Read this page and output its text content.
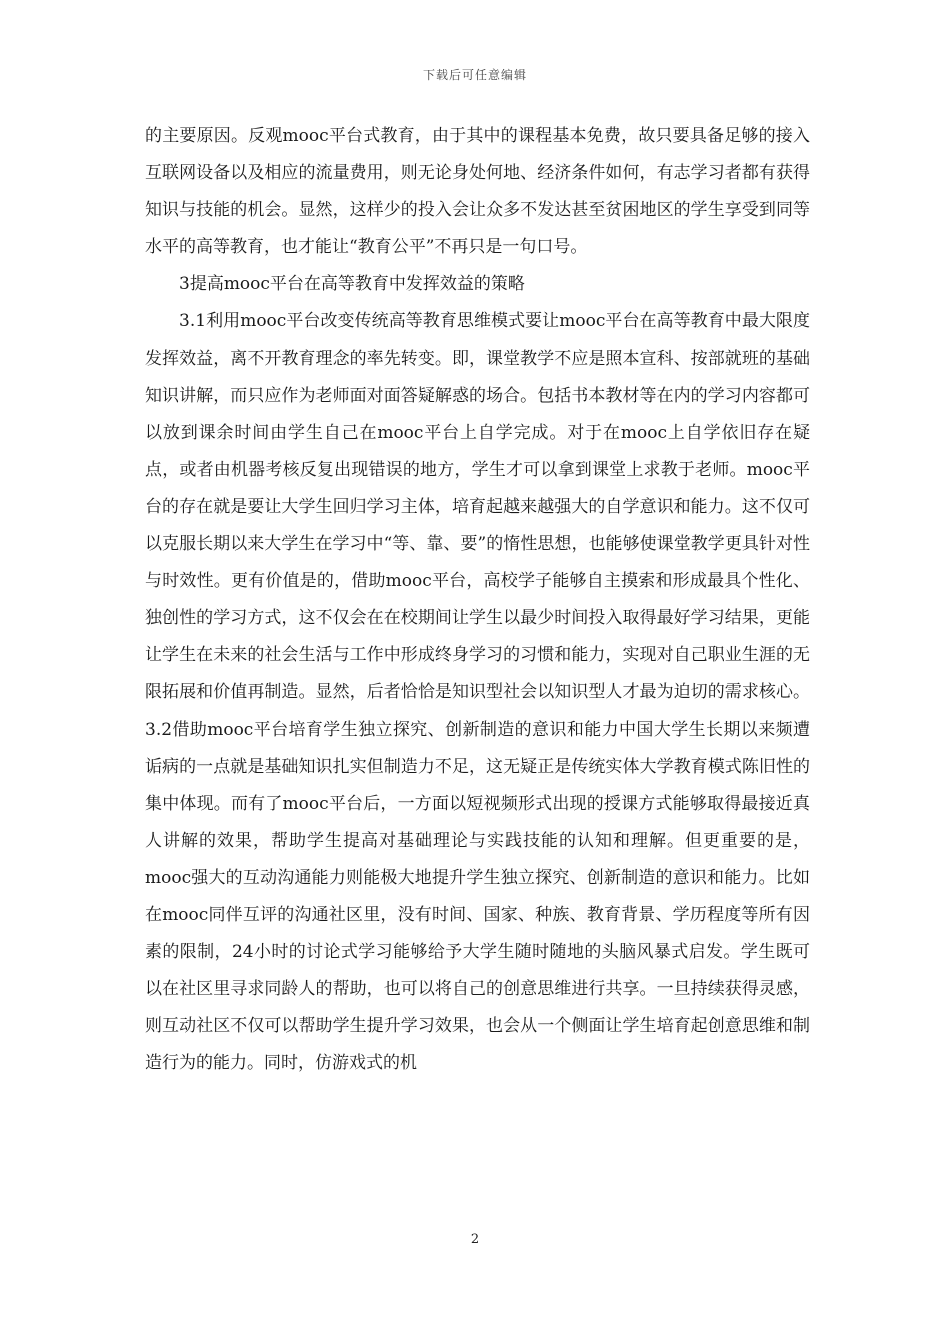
下载后可任意编辑

的主要原因。反观mooc平台式教育，由于其中的课程基本免费，故只要具备足够的接入互联网设备以及相应的流量费用，则无论身处何地、经济条件如何，有志学习者都有获得知识与技能的机会。显然，这样少的投入会让众多不发达甚至贫困地区的学生享受到同等水平的高等教育，也才能让“教育公平”不再只是一句口号。

3提高mooc平台在高等教育中发挥效益的策略

3.1利用mooc平台改变传统高等教育思维模式要让mooc平台在高等教育中最大限度发挥效益，离不开教育理念的率先转变。即，课堂教学不应是照本宣科、按部就班的基础知识讲解，而只应作为老师面对面答疑解惑的场合。包括书本教材等在内的学习内容都可以放到课余时间由学生自己在mooc平台上自学完成。对于在mooc上自学依旧存在疑点，或者由机器考核反复出现错误的地方，学生才可以拿到课堂上求教于老师。mooc平台的存在就是要让大学生回归学习主体，培育起越来越强大的自学意识和能力。这不仅可以克服长期以来大学生在学习中“等、靠、要”的惰性思想，也能够使课堂教学更具针对性与时效性。更有价值是的，借助mooc平台，高校学子能够自主摸索和形成最具个性化、独创性的学习方式，这不仅会在在校期间让学生以最少时间投入取得最好学习结果，更能让学生在未来的社会生活与工作中形成终身学习的习惯和能力，实现对自己职业生涯的无限拓展和价值再制造。显然，后者恰恰是知识型社会以知识型人才最为迫切的需求核心。3.2借助mooc平台培育学生独立探究、创新制造的意识和能力中国大学生长期以来频遭诟病的一点就是基础知识扎实但制造力不足，这无疑正是传统实体大学教育模式陈旧性的集中体现。而有了mooc平台后，一方面以短视频形式出现的授课方式能够取得最接近真人讲解的效果，帮助学生提高对基础理论与实践技能的认知和理解。但更重要的是，mooc强大的互动沟通能力则能极大地提升学生独立探究、创新制造的意识和能力。比如在mooc同伴互评的沟通社区里，没有时间、国家、种族、教育背景、学历程度等所有因素的限制，24小时的讨论式学习能够给予大学生随时随地的头脑风暴式启发。学生既可以在社区里寻求同龄人的帮助，也可以将自己的创意思维进行共享。一旦持续获得灵感，则互动社区不仅可以帮助学生提升学习效果，也会从一个侧面让学生培育起创意思维和制造行为的能力。同时，仿游戏式的机

2
